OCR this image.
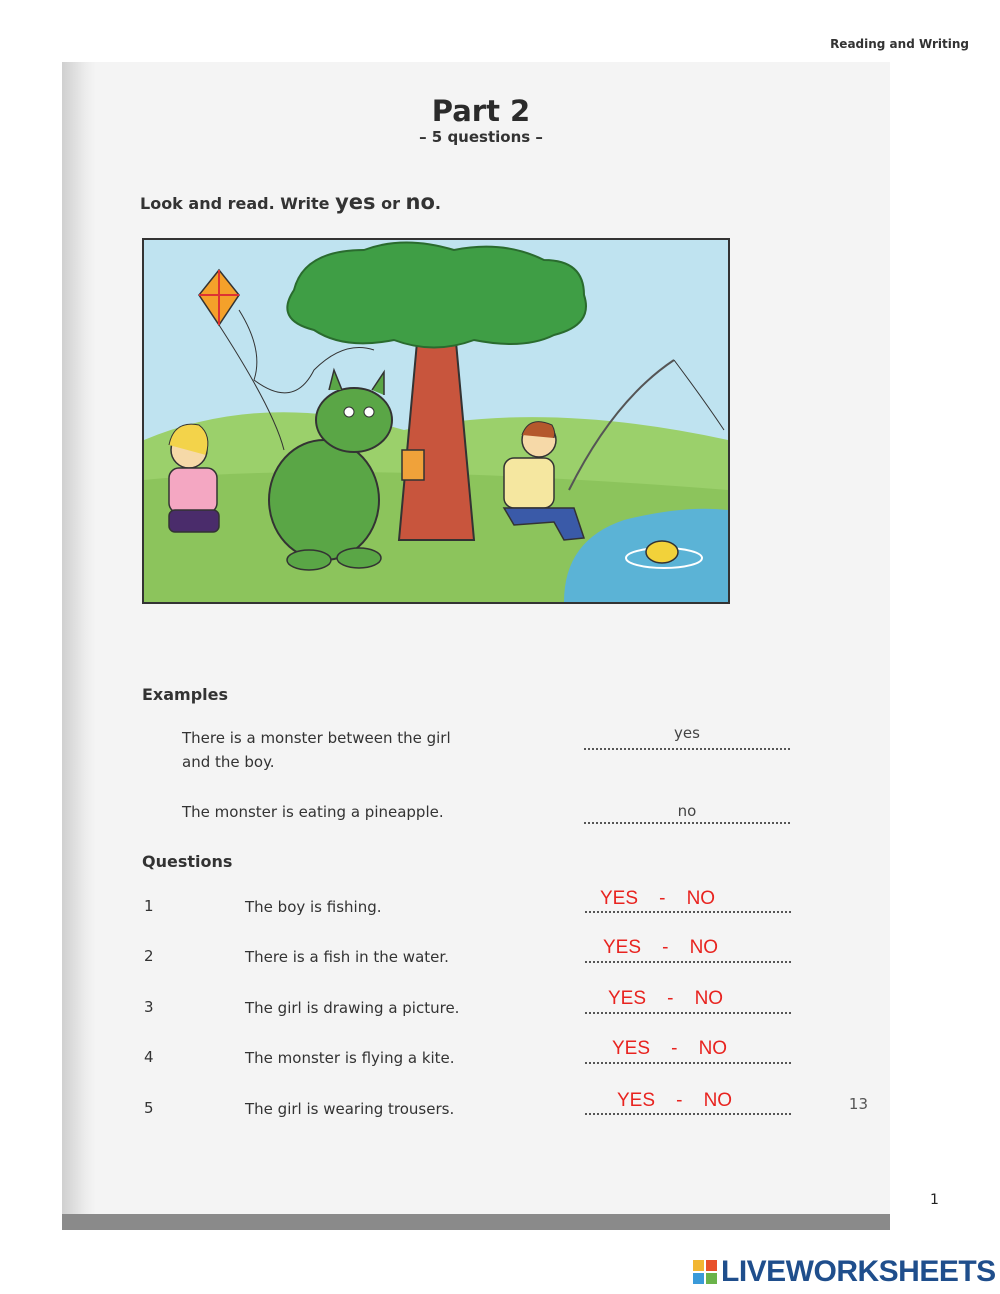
Reading and Writing
Part 2
– 5 questions –
Look and read. Write yes or no.
Examples
There is a monster between the girl
and the boy.
yes
The monster is eating a pineapple.	no
Questions
1	The boy is fishing.	YES    -    NO
2	There is a fish in the water.	YES    -    NO
3	The girl is drawing a picture.	YES    -    NO
4	The monster is flying a kite.	YES    -    NO
5	The girl is wearing trousers.	YES    -    NO	13
1
LIVEWORKSHEETS
